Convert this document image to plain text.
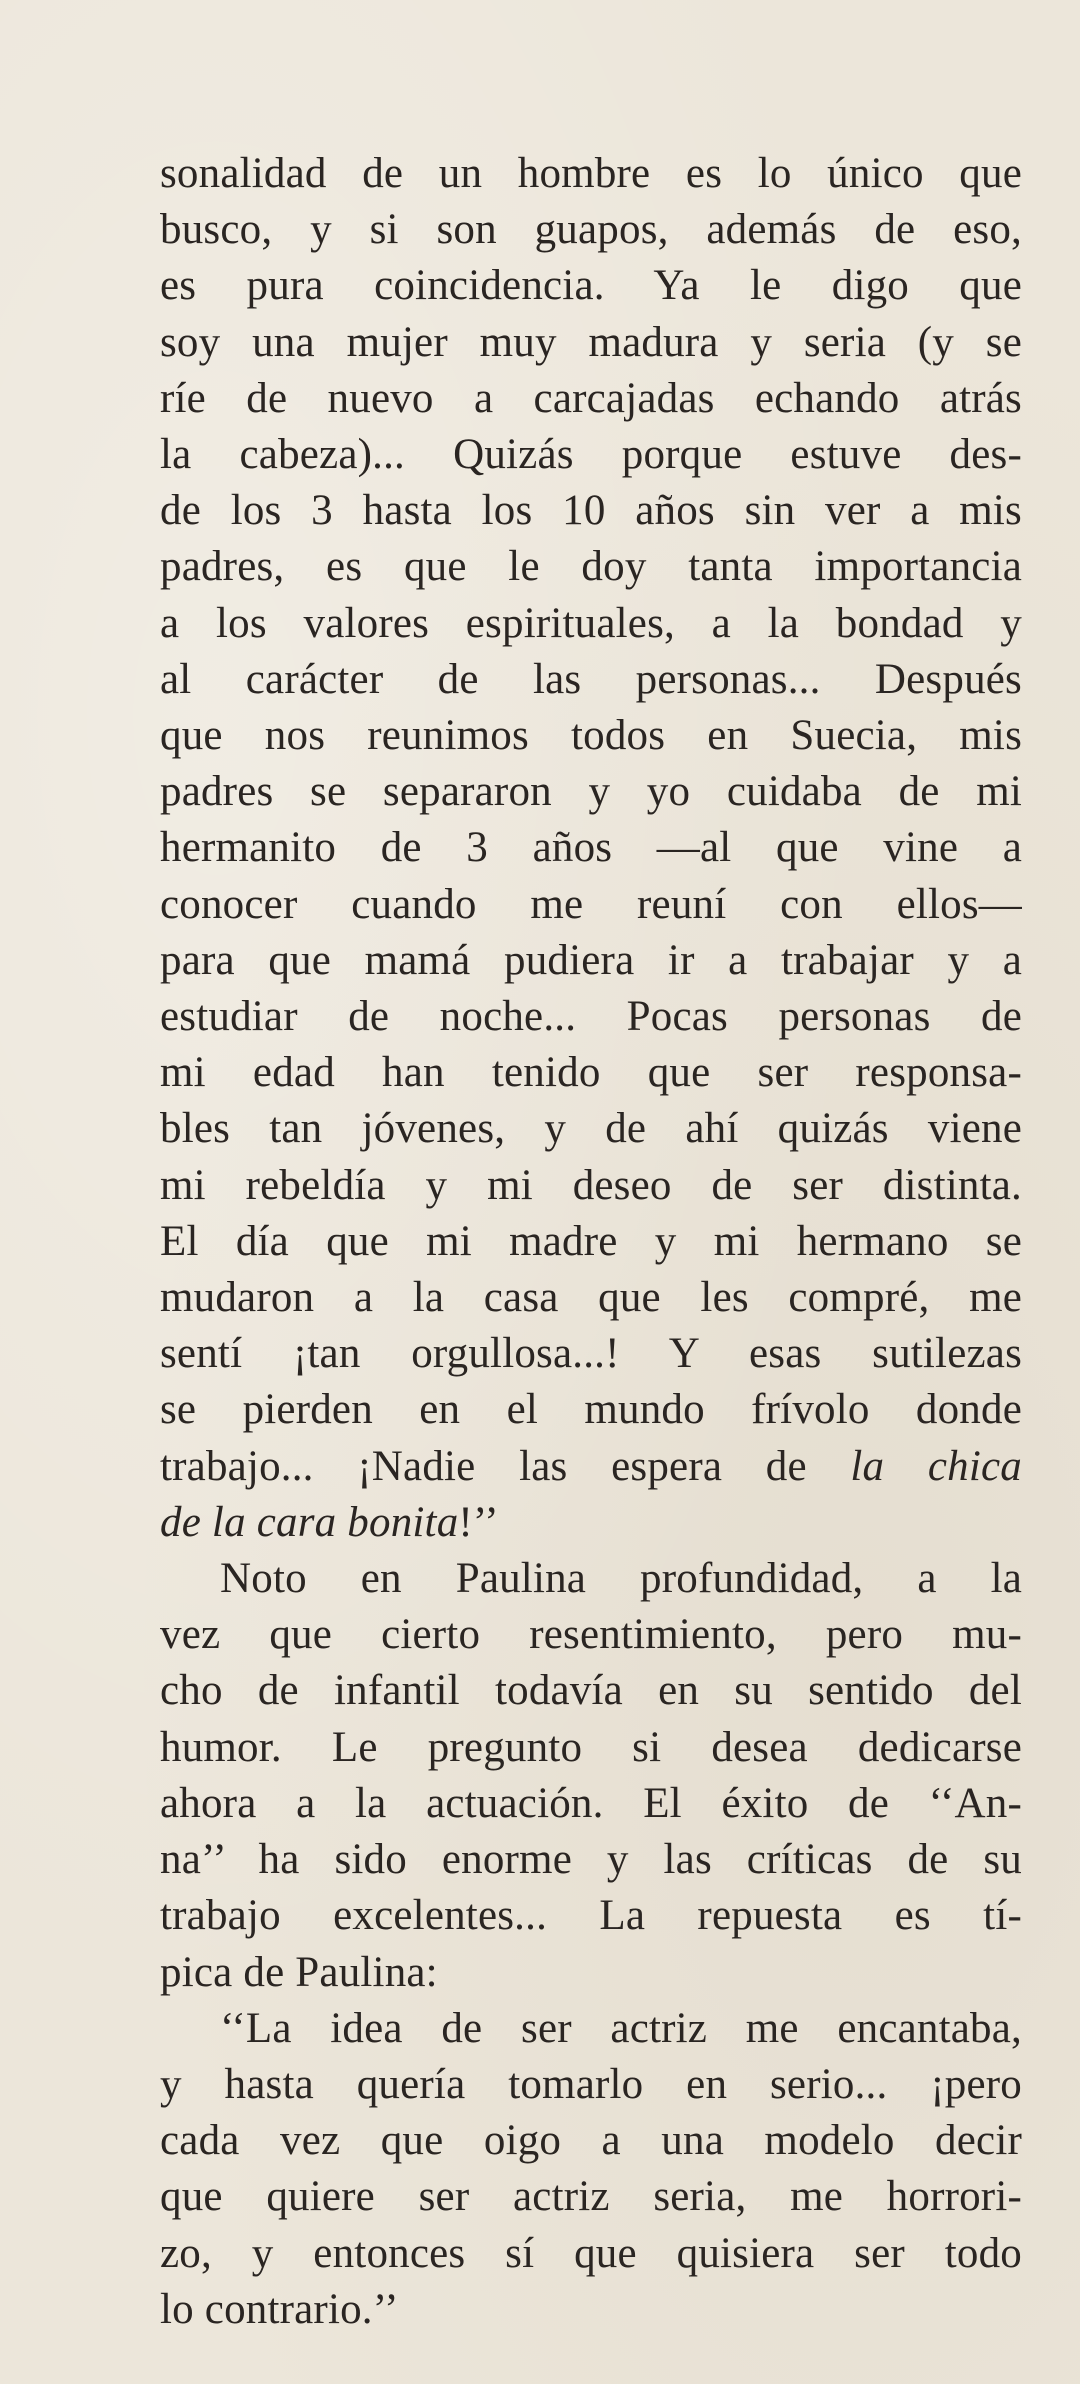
sonalidad de un hombre es lo único que
busco, y si son guapos, además de eso,
es pura coincidencia. Ya le digo que
soy una mujer muy madura y seria (y se
ríe de nuevo a carcajadas echando atrás
la cabeza)... Quizás porque estuve des-
de los 3 hasta los 10 años sin ver a mis
padres, es que le doy tanta importancia
a los valores espirituales, a la bondad y
al carácter de las personas... Después
que nos reunimos todos en Suecia, mis
padres se separaron y yo cuidaba de mi
hermanito de 3 años —al que vine a
conocer cuando me reuní con ellos—
para que mamá pudiera ir a trabajar y a
estudiar de noche... Pocas personas de
mi edad han tenido que ser responsa-
bles tan jóvenes, y de ahí quizás viene
mi rebeldía y mi deseo de ser distinta.
El día que mi madre y mi hermano se
mudaron a la casa que les compré, me
sentí ¡tan orgullosa...! Y esas sutilezas
se pierden en el mundo frívolo donde
trabajo... ¡Nadie las espera de la chica
de la cara bonita!’’

Noto en Paulina profundidad, a la
vez que cierto resentimiento, pero mu-
cho de infantil todavía en su sentido del
humor. Le pregunto si desea dedicarse
ahora a la actuación. El éxito de ‘‘An-
na’’ ha sido enorme y las críticas de su
trabajo excelentes... La repuesta es tí-
pica de Paulina:

‘‘La idea de ser actriz me encantaba,
y hasta quería tomarlo en serio... ¡pero
cada vez que oigo a una modelo decir
que quiere ser actriz seria, me horrori-
zo, y entonces sí que quisiera ser todo
lo contrario.’’
